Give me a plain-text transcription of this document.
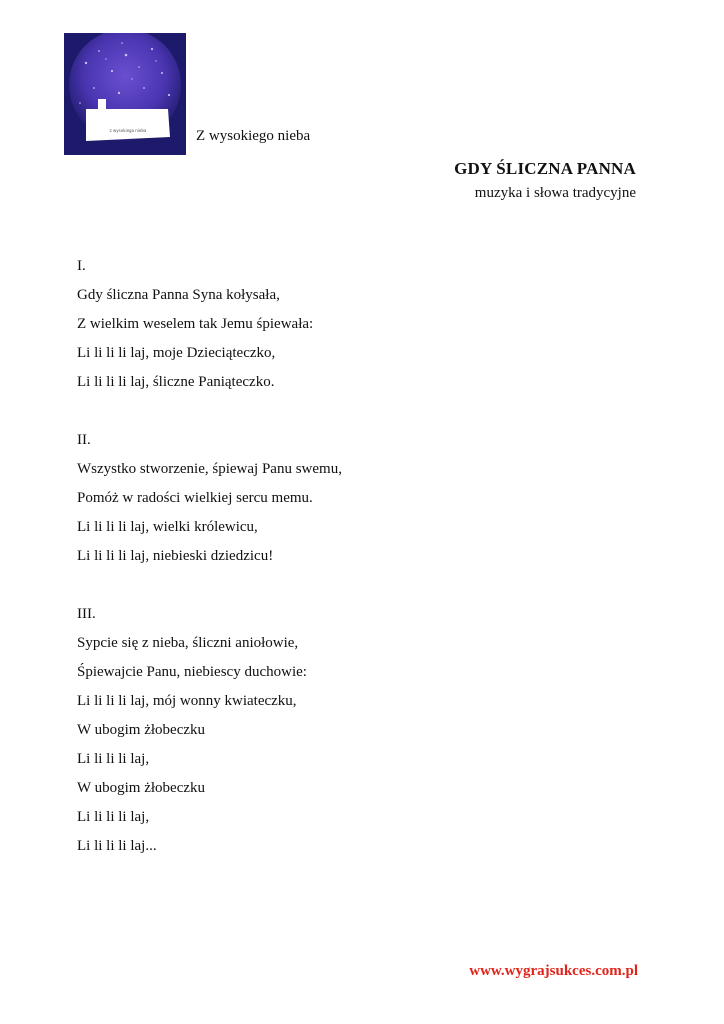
z wysokiego nieba	Z wysokiego nieba
GDY ŚLICZNA PANNA
muzyka i słowa tradycyjne
I.
Gdy śliczna Panna Syna kołysała,
Z wielkim weselem tak Jemu śpiewała:
Li li li li laj, moje Dzieciąteczko,
Li li li li laj, śliczne Paniąteczko.
II.
Wszystko stworzenie, śpiewaj Panu swemu,
Pomóż w radości wielkiej sercu memu.
Li li li li laj, wielki królewicu,
Li li li li laj, niebieski dziedzicu!
III.
Sypcie się z nieba, śliczni aniołowie,
Śpiewajcie Panu, niebiescy duchowie:
Li li li li laj, mój wonny kwiateczku,
W ubogim żłobeczku
Li li li li laj,
W ubogim żłobeczku
Li li li li laj,
Li li li li laj...
www.wygrajsukces.com.pl
